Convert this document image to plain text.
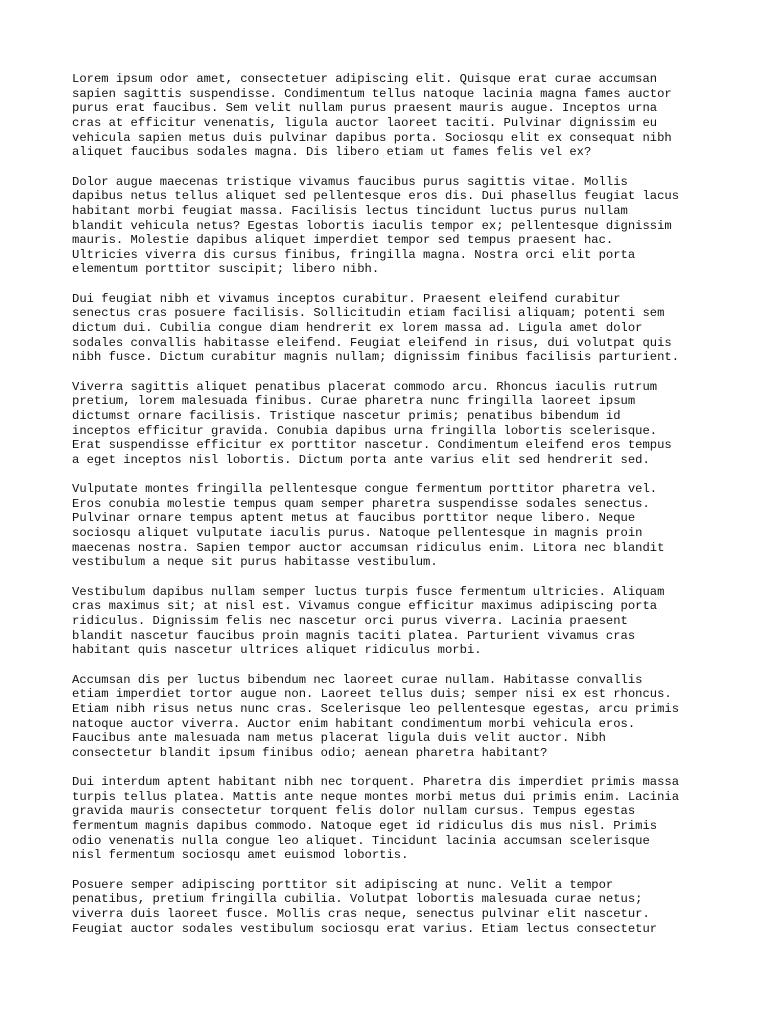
Lorem ipsum odor amet, consectetuer adipiscing elit. Quisque erat curae accumsan
sapien sagittis suspendisse. Condimentum tellus natoque lacinia magna fames auctor
purus erat faucibus. Sem velit nullam purus praesent mauris augue. Inceptos urna
cras at efficitur venenatis, ligula auctor laoreet taciti. Pulvinar dignissim eu
vehicula sapien metus duis pulvinar dapibus porta. Sociosqu elit ex consequat nibh
aliquet faucibus sodales magna. Dis libero etiam ut fames felis vel ex?

Dolor augue maecenas tristique vivamus faucibus purus sagittis vitae. Mollis
dapibus netus tellus aliquet sed pellentesque eros dis. Dui phasellus feugiat lacus
habitant morbi feugiat massa. Facilisis lectus tincidunt luctus purus nullam
blandit vehicula netus? Egestas lobortis iaculis tempor ex; pellentesque dignissim
mauris. Molestie dapibus aliquet imperdiet tempor sed tempus praesent hac.
Ultricies viverra dis cursus finibus, fringilla magna. Nostra orci elit porta
elementum porttitor suscipit; libero nibh.

Dui feugiat nibh et vivamus inceptos curabitur. Praesent eleifend curabitur
senectus cras posuere facilisis. Sollicitudin etiam facilisi aliquam; potenti sem
dictum dui. Cubilia congue diam hendrerit ex lorem massa ad. Ligula amet dolor
sodales convallis habitasse eleifend. Feugiat eleifend in risus, dui volutpat quis
nibh fusce. Dictum curabitur magnis nullam; dignissim finibus facilisis parturient.

Viverra sagittis aliquet penatibus placerat commodo arcu. Rhoncus iaculis rutrum
pretium, lorem malesuada finibus. Curae pharetra nunc fringilla laoreet ipsum
dictumst ornare facilisis. Tristique nascetur primis; penatibus bibendum id
inceptos efficitur gravida. Conubia dapibus urna fringilla lobortis scelerisque.
Erat suspendisse efficitur ex porttitor nascetur. Condimentum eleifend eros tempus
a eget inceptos nisl lobortis. Dictum porta ante varius elit sed hendrerit sed.

Vulputate montes fringilla pellentesque congue fermentum porttitor pharetra vel.
Eros conubia molestie tempus quam semper pharetra suspendisse sodales senectus.
Pulvinar ornare tempus aptent metus at faucibus porttitor neque libero. Neque
sociosqu aliquet vulputate iaculis purus. Natoque pellentesque in magnis proin
maecenas nostra. Sapien tempor auctor accumsan ridiculus enim. Litora nec blandit
vestibulum a neque sit purus habitasse vestibulum.

Vestibulum dapibus nullam semper luctus turpis fusce fermentum ultricies. Aliquam
cras maximus sit; at nisl est. Vivamus congue efficitur maximus adipiscing porta
ridiculus. Dignissim felis nec nascetur orci purus viverra. Lacinia praesent
blandit nascetur faucibus proin magnis taciti platea. Parturient vivamus cras
habitant quis nascetur ultrices aliquet ridiculus morbi.

Accumsan dis per luctus bibendum nec laoreet curae nullam. Habitasse convallis
etiam imperdiet tortor augue non. Laoreet tellus duis; semper nisi ex est rhoncus.
Etiam nibh risus netus nunc cras. Scelerisque leo pellentesque egestas, arcu primis
natoque auctor viverra. Auctor enim habitant condimentum morbi vehicula eros.
Faucibus ante malesuada nam metus placerat ligula duis velit auctor. Nibh
consectetur blandit ipsum finibus odio; aenean pharetra habitant?

Dui interdum aptent habitant nibh nec torquent. Pharetra dis imperdiet primis massa
turpis tellus platea. Mattis ante neque montes morbi metus dui primis enim. Lacinia
gravida mauris consectetur torquent felis dolor nullam cursus. Tempus egestas
fermentum magnis dapibus commodo. Natoque eget id ridiculus dis mus nisl. Primis
odio venenatis nulla congue leo aliquet. Tincidunt lacinia accumsan scelerisque
nisl fermentum sociosqu amet euismod lobortis.

Posuere semper adipiscing porttitor sit adipiscing at nunc. Velit a tempor
penatibus, pretium fringilla cubilia. Volutpat lobortis malesuada curae netus;
viverra duis laoreet fusce. Mollis cras neque, senectus pulvinar elit nascetur.
Feugiat auctor sodales vestibulum sociosqu erat varius. Etiam lectus consectetur
